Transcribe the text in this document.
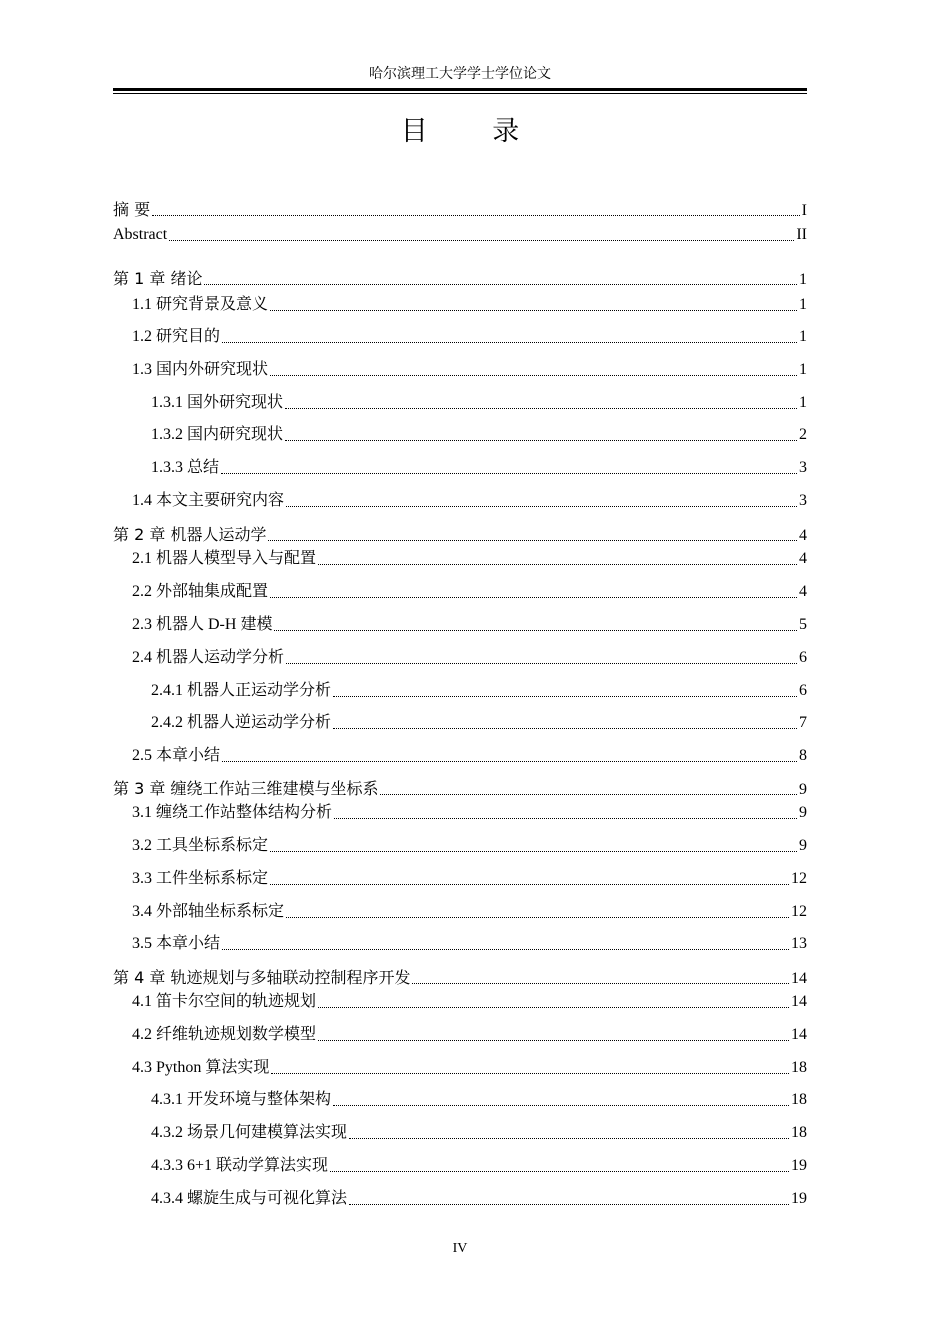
哈尔滨理工大学学士学位论文
目 录
摘 要	I
Abstract	II
第 1 章 绪论	1
1.1 研究背景及意义	1
1.2 研究目的	1
1.3 国内外研究现状	1
1.3.1 国外研究现状	1
1.3.2 国内研究现状	2
1.3.3 总结	3
1.4 本文主要研究内容	3
第 2 章 机器人运动学	4
2.1 机器人模型导入与配置	4
2.2 外部轴集成配置	4
2.3 机器人 D-H 建模	5
2.4 机器人运动学分析	6
2.4.1 机器人正运动学分析	6
2.4.2 机器人逆运动学分析	7
2.5 本章小结	8
第 3 章 缠绕工作站三维建模与坐标系	9
3.1 缠绕工作站整体结构分析	9
3.2 工具坐标系标定	9
3.3 工件坐标系标定	12
3.4 外部轴坐标系标定	12
3.5 本章小结	13
第 4 章 轨迹规划与多轴联动控制程序开发	14
4.1 笛卡尔空间的轨迹规划	14
4.2 纤维轨迹规划数学模型	14
4.3 Python 算法实现	18
4.3.1 开发环境与整体架构	18
4.3.2 场景几何建模算法实现	18
4.3.3 6+1 联动学算法实现	19
4.3.4 螺旋生成与可视化算法	19
IV
